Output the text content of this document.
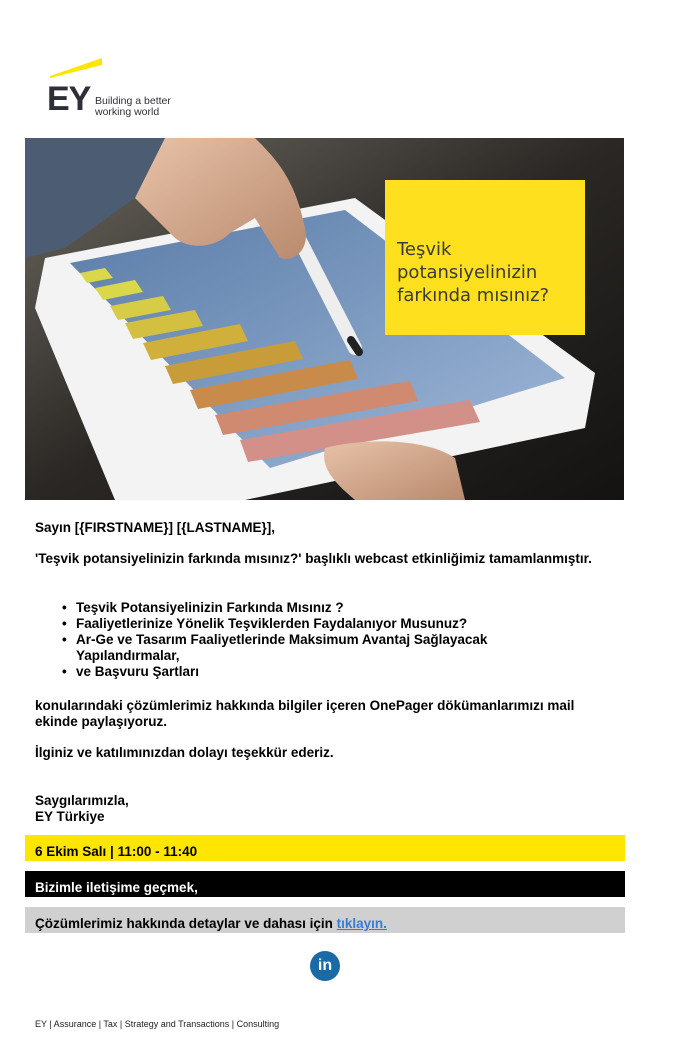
EY Building a better
working world
Teşvik
potansiyelinizin
farkında mısınız?
Sayın [{FIRSTNAME}] [{LASTNAME}],
'Teşvik potansiyelinizin farkında mısınız?' başlıklı webcast etkinliğimiz tamamlanmıştır.
• Teşvik Potansiyelinizin Farkında Mısınız ?
• Faaliyetlerinize Yönelik Teşviklerden Faydalanıyor Musunuz?
• Ar-Ge ve Tasarım Faaliyetlerinde Maksimum Avantaj Sağlayacak Yapılandırmalar,
• ve Başvuru Şartları
konularındaki çözümlerimiz hakkında bilgiler içeren OnePager dökümanlarımızı mail ekinde paylaşıyoruz.
İlginiz ve katılımınızdan dolayı teşekkür ederiz.
Saygılarımızla,
EY Türkiye
6 Ekim Salı | 11:00 - 11:40
Bizimle iletişime geçmek,
Çözümlerimiz hakkında detaylar ve dahası için tıklayın.
in
EY | Assurance | Tax | Strategy and Transactions | Consulting
